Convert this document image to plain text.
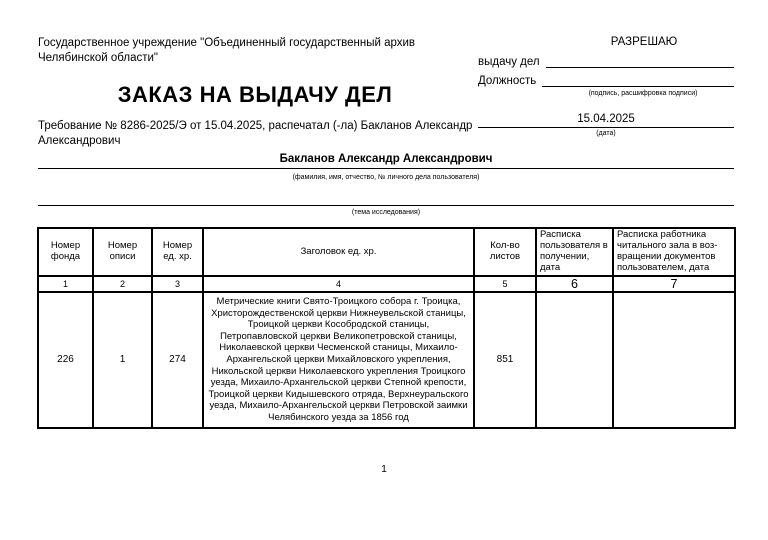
Государственное учреждение "Объединенный государственный архив Челябинской области"
РАЗРЕШАЮ
выдачу дел
Должность
(подпись, расшифровка подписи)
ЗАКАЗ НА ВЫДАЧУ ДЕЛ
Требование № 8286-2025/Э от 15.04.2025, распечатал (-ла) Бакланов Александр Александрович
15.04.2025
(дата)
Бакланов Александр Александрович
(фамилия, имя, отчество, № личного дела пользователя)
(тема исследования)
Номер фонда	Номер описи	Номер ед. хр.	Заголовок ед. хр.	Кол-во листов	Расписка пользователя в получении, дата	Расписка работника читального зала в воз-вращении документов пользователем, дата
1	2	3	4	5	6	7
226	1	274	Метрические книги Свято-Троицкого собора г. Троицка, Христорождественской церкви Нижнеувельской станицы, Троицкой церкви Кособродской станицы, Петропавловской церкви Великопетровской станицы, Николаевской церкви Чесменской станицы, Михаило-Архангельской церкви Михайловского укрепления, Никольской церкви Николаевского укрепления Троицкого уезда, Михаило-Архангельской церкви Степной крепости, Троицкой церкви Кидышевского отряда, Верхнеуральского уезда, Михаило-Архангельской церкви Петровской заимки Челябинского уезда за 1856 год	851		
1
